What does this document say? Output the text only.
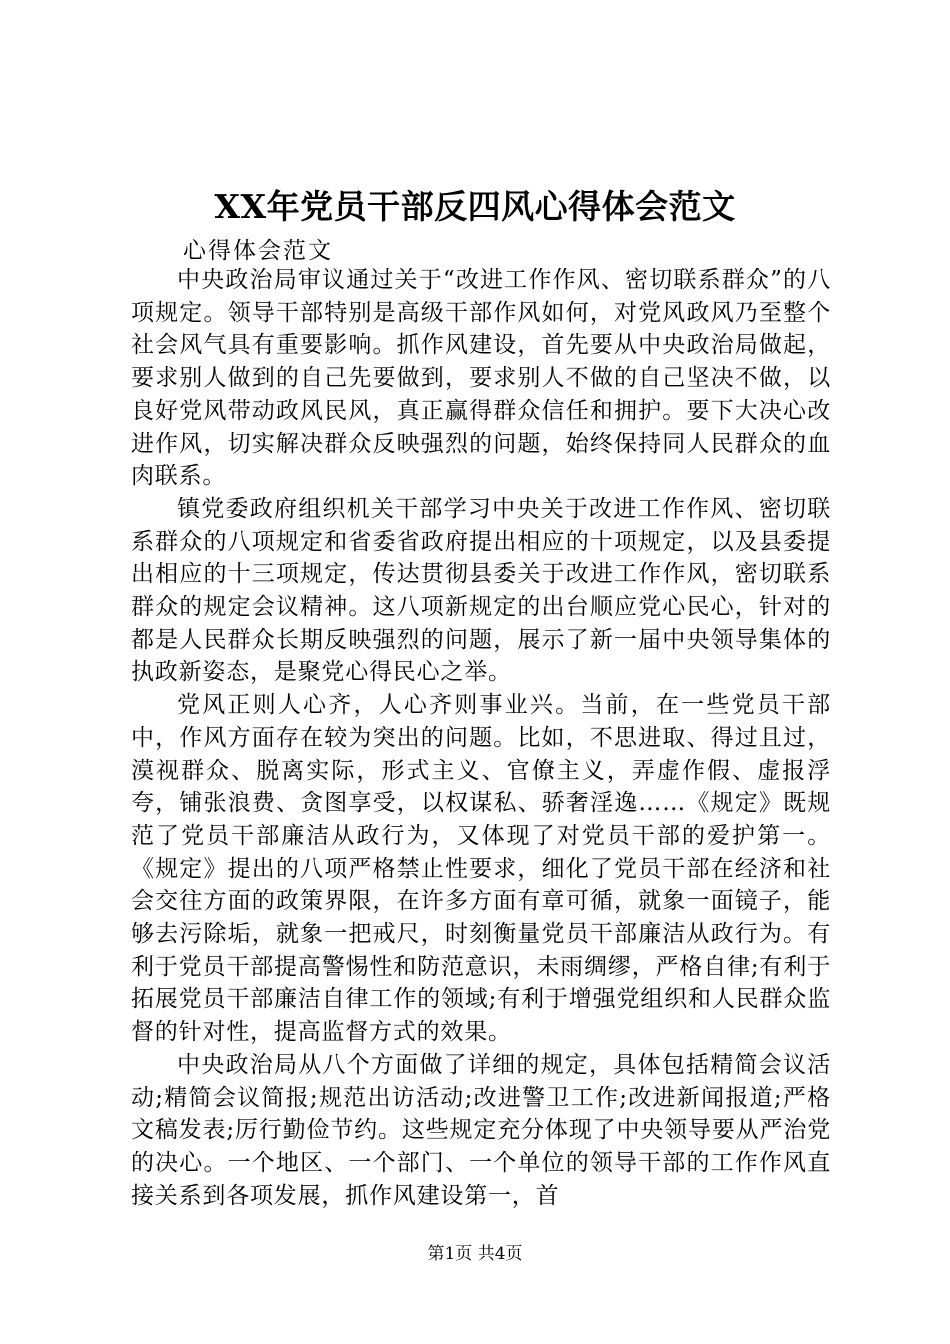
XX年党员干部反四风心得体会范文
心得体会范文

中央政治局审议通过关于“改进工作作风、密切联系群众”的八项规定。领导干部特别是高级干部作风如何，对党风政风乃至整个社会风气具有重要影响。抓作风建设，首先要从中央政治局做起，要求别人做到的自己先要做到，要求别人不做的自己坚决不做，以良好党风带动政风民风，真正赢得群众信任和拥护。要下大决心改进作风，切实解决群众反映强烈的问题，始终保持同人民群众的血肉联系。

镇党委政府组织机关干部学习中央关于改进工作作风、密切联系群众的八项规定和省委省政府提出相应的十项规定，以及县委提出相应的十三项规定，传达贯彻县委关于改进工作作风，密切联系群众的规定会议精神。这八项新规定的出台顺应党心民心，针对的都是人民群众长期反映强烈的问题，展示了新一届中央领导集体的执政新姿态，是聚党心得民心之举。

党风正则人心齐，人心齐则事业兴。当前，在一些党员干部中，作风方面存在较为突出的问题。比如，不思进取、得过且过，漠视群众、脱离实际，形式主义、官僚主义，弄虚作假、虚报浮夸，铺张浪费、贪图享受，以权谋私、骄奢淫逸……《规定》既规范了党员干部廉洁从政行为，又体现了对党员干部的爱护第一。《规定》提出的八项严格禁止性要求，细化了党员干部在经济和社会交往方面的政策界限，在许多方面有章可循，就象一面镜子，能够去污除垢，就象一把戒尺，时刻衡量党员干部廉洁从政行为。有利于党员干部提高警惕性和防范意识，未雨绸缪，严格自律;有利于拓展党员干部廉洁自律工作的领域;有利于增强党组织和人民群众监督的针对性，提高监督方式的效果。

中央政治局从八个方面做了详细的规定，具体包括精简会议活动;精简会议简报;规范出访活动;改进警卫工作;改进新闻报道;严格文稿发表;厉行勤俭节约。这些规定充分体现了中央领导要从严治党的决心。一个地区、一个部门、一个单位的领导干部的工作作风直接关系到各项发展，抓作风建设第一，首

第1页 共4页
